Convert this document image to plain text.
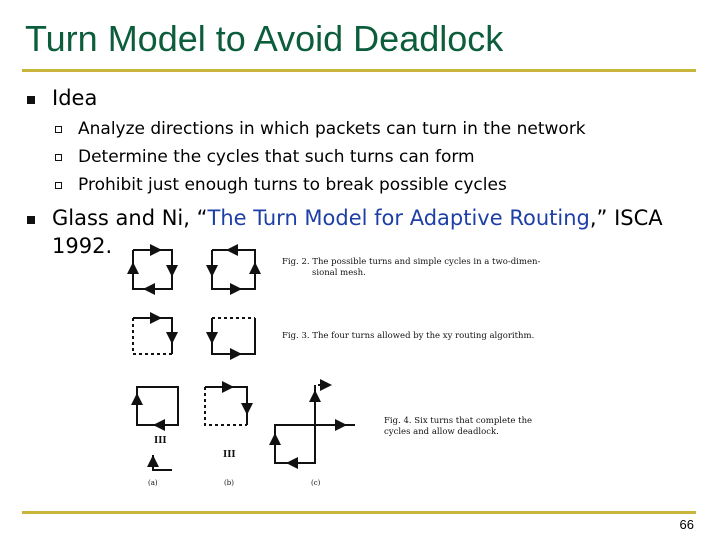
Turn Model to Avoid Deadlock
Idea
Analyze directions in which packets can turn in the network
Determine the cycles that such turns can form
Prohibit just enough turns to break possible cycles
Glass and Ni, “The Turn Model for Adaptive Routing,” ISCA
1992.
Fig. 2. The possible turns and simple cycles in a two-dimen-
sional mesh.
Fig. 3. The four turns allowed by the xy routing algorithm.
Fig. 4. Six turns that complete the
cycles and allow deadlock.
III
III
(a)	(b)	(c)
66
